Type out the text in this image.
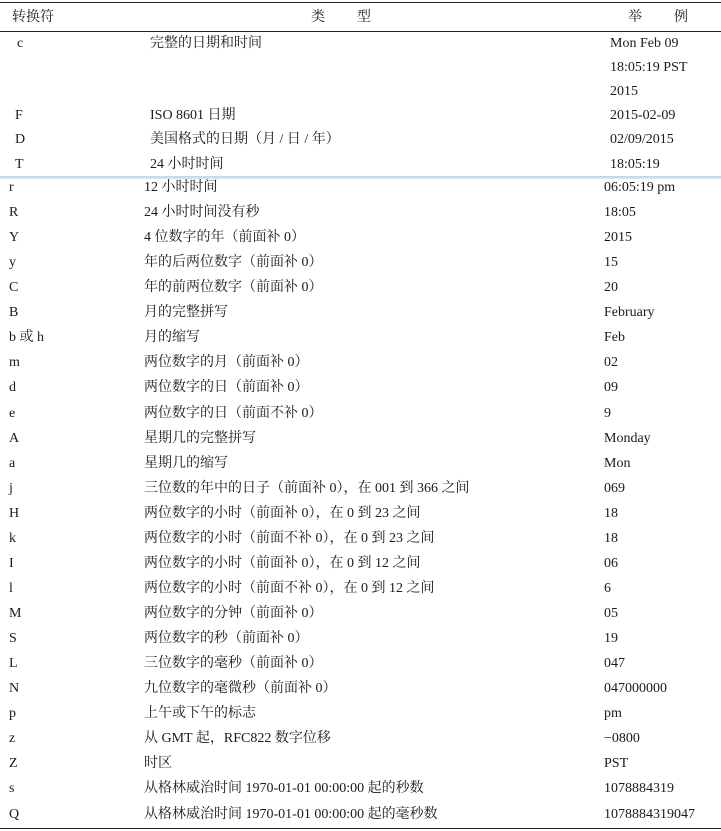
转换符	类型	举例
c	完整的日期和时间	Mon Feb 09
18:05:19 PST
2015
F	ISO 8601 日期	2015-02-09
D	美国格式的日期（月 / 日 / 年）	02/09/2015
T	24 小时时间	18:05:19
r	12 小时时间	06:05:19 pm
R	24 小时时间没有秒	18:05
Y	4 位数字的年（前面补 0）	2015
y	年的后两位数字（前面补 0）	15
C	年的前两位数字（前面补 0）	20
B	月的完整拼写	February
b 或 h	月的缩写	Feb
m	两位数字的月（前面补 0）	02
d	两位数字的日（前面补 0）	09
e	两位数字的日（前面不补 0）	9
A	星期几的完整拼写	Monday
a	星期几的缩写	Mon
j	三位数的年中的日子（前面补 0），在 001 到 366 之间	069
H	两位数字的小时（前面补 0），在 0 到 23 之间	18
k	两位数字的小时（前面不补 0），在 0 到 23 之间	18
I	两位数字的小时（前面补 0），在 0 到 12 之间	06
l	两位数字的小时（前面不补 0），在 0 到 12 之间	6
M	两位数字的分钟（前面补 0）	05
S	两位数字的秒（前面补 0）	19
L	三位数字的毫秒（前面补 0）	047
N	九位数字的毫微秒（前面补 0）	047000000
p	上午或下午的标志	pm
z	从 GMT 起，RFC822 数字位移	−0800
Z	时区	PST
s	从格林威治时间 1970-01-01 00:00:00 起的秒数	1078884319
Q	从格林威治时间 1970-01-01 00:00:00 起的毫秒数	1078884319047
